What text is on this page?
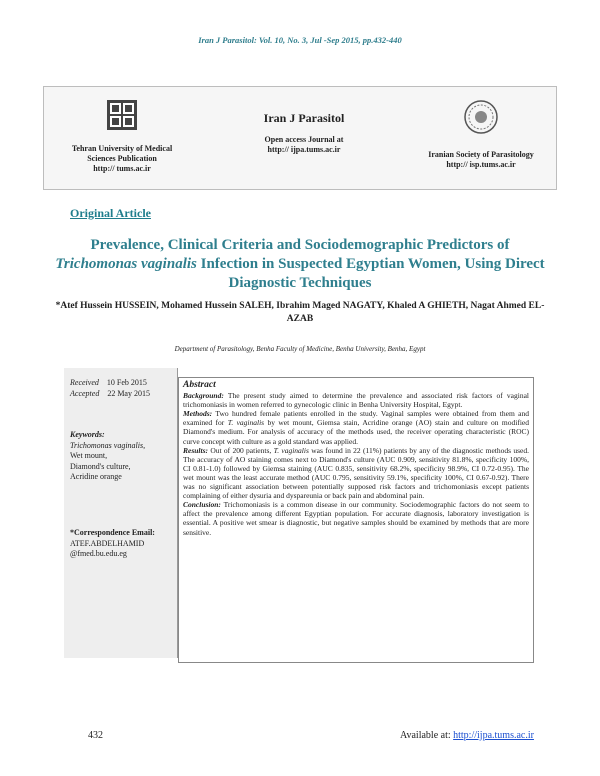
Iran J Parasitol: Vol. 10, No. 3, Jul -Sep 2015, pp.432-440
Tehran University of Medical
Sciences Publication
http:// tums.ac.ir
Iran J Parasitol
Open access Journal at
http:// ijpa.tums.ac.ir
Iranian Society of Parasitology
http:// isp.tums.ac.ir
Original Article
Prevalence, Clinical Criteria and Sociodemographic Predictors of
Trichomonas vaginalis Infection in Suspected Egyptian Women, Using Direct Diagnostic Techniques
*Atef Hussein HUSSEIN, Mohamed Hussein SALEH, Ibrahim Maged NAGATY, Khaled A GHIETH, Nagat Ahmed EL-AZAB
Department of Parasitology, Benha Faculty of Medicine, Benha University, Benha, Egypt
Received 10 Feb 2015
Accepted 22 May 2015
Keywords:
Trichomonas vaginalis,
Wet mount,
Diamond's culture,
Acridine orange
*Correspondence Email:
ATEF.ABDELHAMID
@fmed.bu.edu.eg
Abstract
Background: The present study aimed to determine the prevalence and associated risk factors of vaginal trichomoniasis in women referred to gynecologic clinic in Benha University Hospital, Egypt.
Methods: Two hundred female patients enrolled in the study. Vaginal samples were obtained from them and examined for T. vaginalis by wet mount, Giemsa stain, Acridine orange (AO) stain and culture on modified Diamond's medium. For analysis of accuracy of the methods used, the receiver operating characteristic (ROC) curve concept with culture as a gold standard was applied.
Results: Out of 200 patients, T. vaginalis was found in 22 (11%) patients by any of the diagnostic methods used. The accuracy of AO staining comes next to Diamond's culture (AUC 0.909, sensitivity 81.8%, specificity 100%, CI 0.81-1.0) followed by Giemsa staining (AUC 0.835, sensitivity 68.2%, specificity 98.9%, CI 0.72-0.95). The wet mount was the least accurate method (AUC 0.795, sensitivity 59.1%, specificity 100%, CI 0.67-0.92). There was no significant association between potentially supposed risk factors and trichomoniasis except patients complaining of either dysuria and dyspareunia or back pain and abdominal pain.
Conclusion: Trichomoniasis is a common disease in our community. Sociodemographic factors do not seem to affect the prevalence among different Egyptian population. For accurate diagnosis, laboratory investigation is essential. A positive wet smear is diagnostic, but negative samples should be examined by methods that are more sensitive.
432	Available at: http://ijpa.tums.ac.ir
